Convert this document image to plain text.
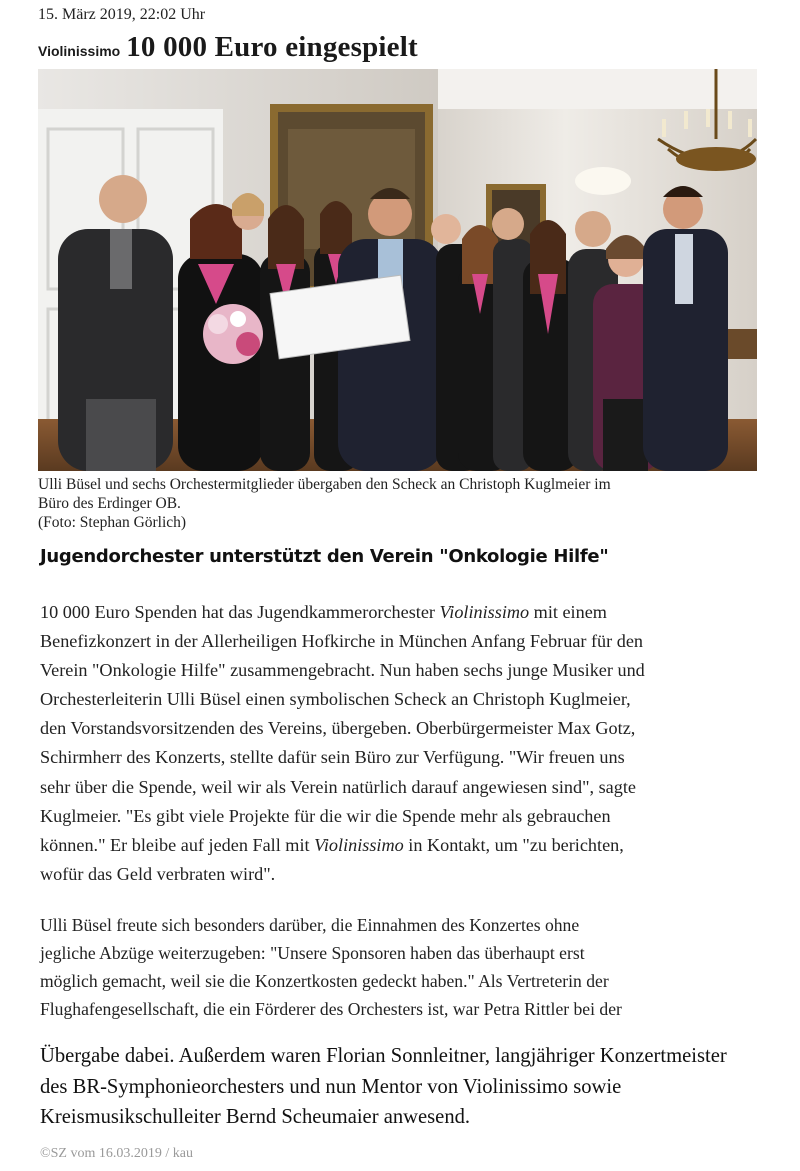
15. März 2019, 22:02 Uhr
Violinissimo 10 000 Euro eingespielt
Ulli Büsel und sechs Orchestermitglieder übergaben den Scheck an Christoph Kuglmeier im
Büro des Erdinger OB.
(Foto: Stephan Görlich)
Jugendorchester unterstützt den Verein "Onkologie Hilfe"
10 000 Euro Spenden hat das Jugendkammerorchester Violinissimo mit einem
Benefizkonzert in der Allerheiligen Hofkirche in München Anfang Februar für den
Verein "Onkologie Hilfe" zusammengebracht. Nun haben sechs junge Musiker und
Orchesterleiterin Ulli Büsel einen symbolischen Scheck an Christoph Kuglmeier,
den Vorstandsvorsitzenden des Vereins, übergeben. Oberbürgermeister Max Gotz,
Schirmherr des Konzerts, stellte dafür sein Büro zur Verfügung. "Wir freuen uns
sehr über die Spende, weil wir als Verein natürlich darauf angewiesen sind", sagte
Kuglmeier. "Es gibt viele Projekte für die wir die Spende mehr als gebrauchen
können." Er bleibe auf jeden Fall mit Violinissimo in Kontakt, um "zu berichten,
wofür das Geld verbraten wird".
Ulli Büsel freute sich besonders darüber, die Einnahmen des Konzertes ohne
jegliche Abzüge weiterzugeben: "Unsere Sponsoren haben das überhaupt erst
möglich gemacht, weil sie die Konzertkosten gedeckt haben." Als Vertreterin der
Flughafengesellschaft, die ein Förderer des Orchesters ist, war Petra Rittler bei der
Übergabe dabei. Außerdem waren Florian Sonnleitner, langjähriger Konzertmeister
des BR-Symphonieorchesters und nun Mentor von Violinissimo sowie
Kreismusikschulleiter Bernd Scheumaier anwesend.
©SZ vom 16.03.2019 / kau
